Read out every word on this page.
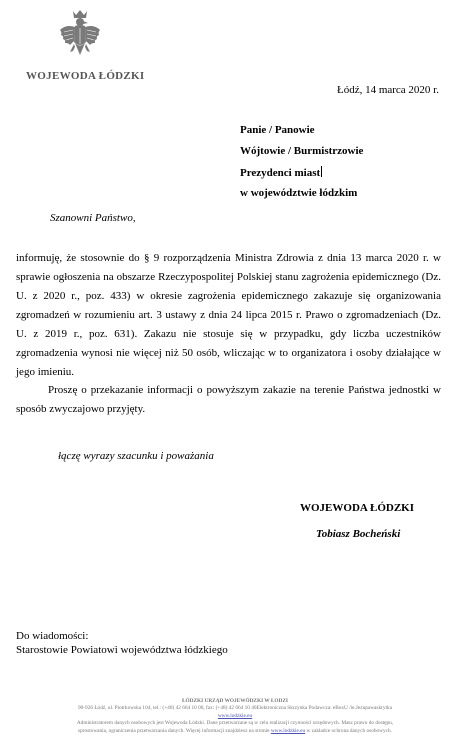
WOJEWODA ŁÓDZKI
Łódź, 14 marca 2020 r.
Panie / Panowie
Wójtowie / Burmistrzowie
Prezydenci miast
w województwie łódzkim
Szanowni Państwo,
informuję, że stosownie do § 9 rozporządzenia Ministra Zdrowia z dnia 13 marca 2020 r. w sprawie ogłoszenia na obszarze Rzeczypospolitej Polskiej stanu zagrożenia epidemicznego (Dz. U. z 2020 r., poz. 433) w okresie zagrożenia epidemicznego zakazuje się organizowania zgromadzeń w rozumieniu art. 3 ustawy z dnia 24 lipca 2015 r. Prawo o zgromadzeniach (Dz. U. z 2019 r., poz. 631). Zakazu nie stosuje się w przypadku, gdy liczba uczestników zgromadzenia wynosi nie więcej niż 50 osób, wliczając w to organizatora i osoby działające w jego imieniu.
Proszę o przekazanie informacji o powyższym zakazie na terenie Państwa jednostki w sposób zwyczajowo przyjęty.
łączę wyrazy szacunku i poważania
WOJEWODA ŁÓDZKI
Tobiasz Bocheński
Do wiadomości:
Starostowie Powiatowi województwa łódzkiego
ŁÓDZKI URZĄD WOJEWÓDZKI W ŁODZI
90-926 Łódź, ul. Piotrkowska 104, tel.: (+48) 42 664 10 00, fax: (+48) 42 664 10 40Elektroniczna Skrzynka Podawcza: eBoxU /ie.Jezupawaskrytka
www.lodzkie.eu
Administratorem danych osobowych jest Wojewoda Łódzki. Dane przetwarzane są w celu realizacji czynności urzędowych. Masz prawo do dostępu,
sprostowania, ograniczenia przetwarzania danych. Więcej informacji znajdziesz na stronie www.lodzkie.eu w zakładce ochrona danych osobowych.
